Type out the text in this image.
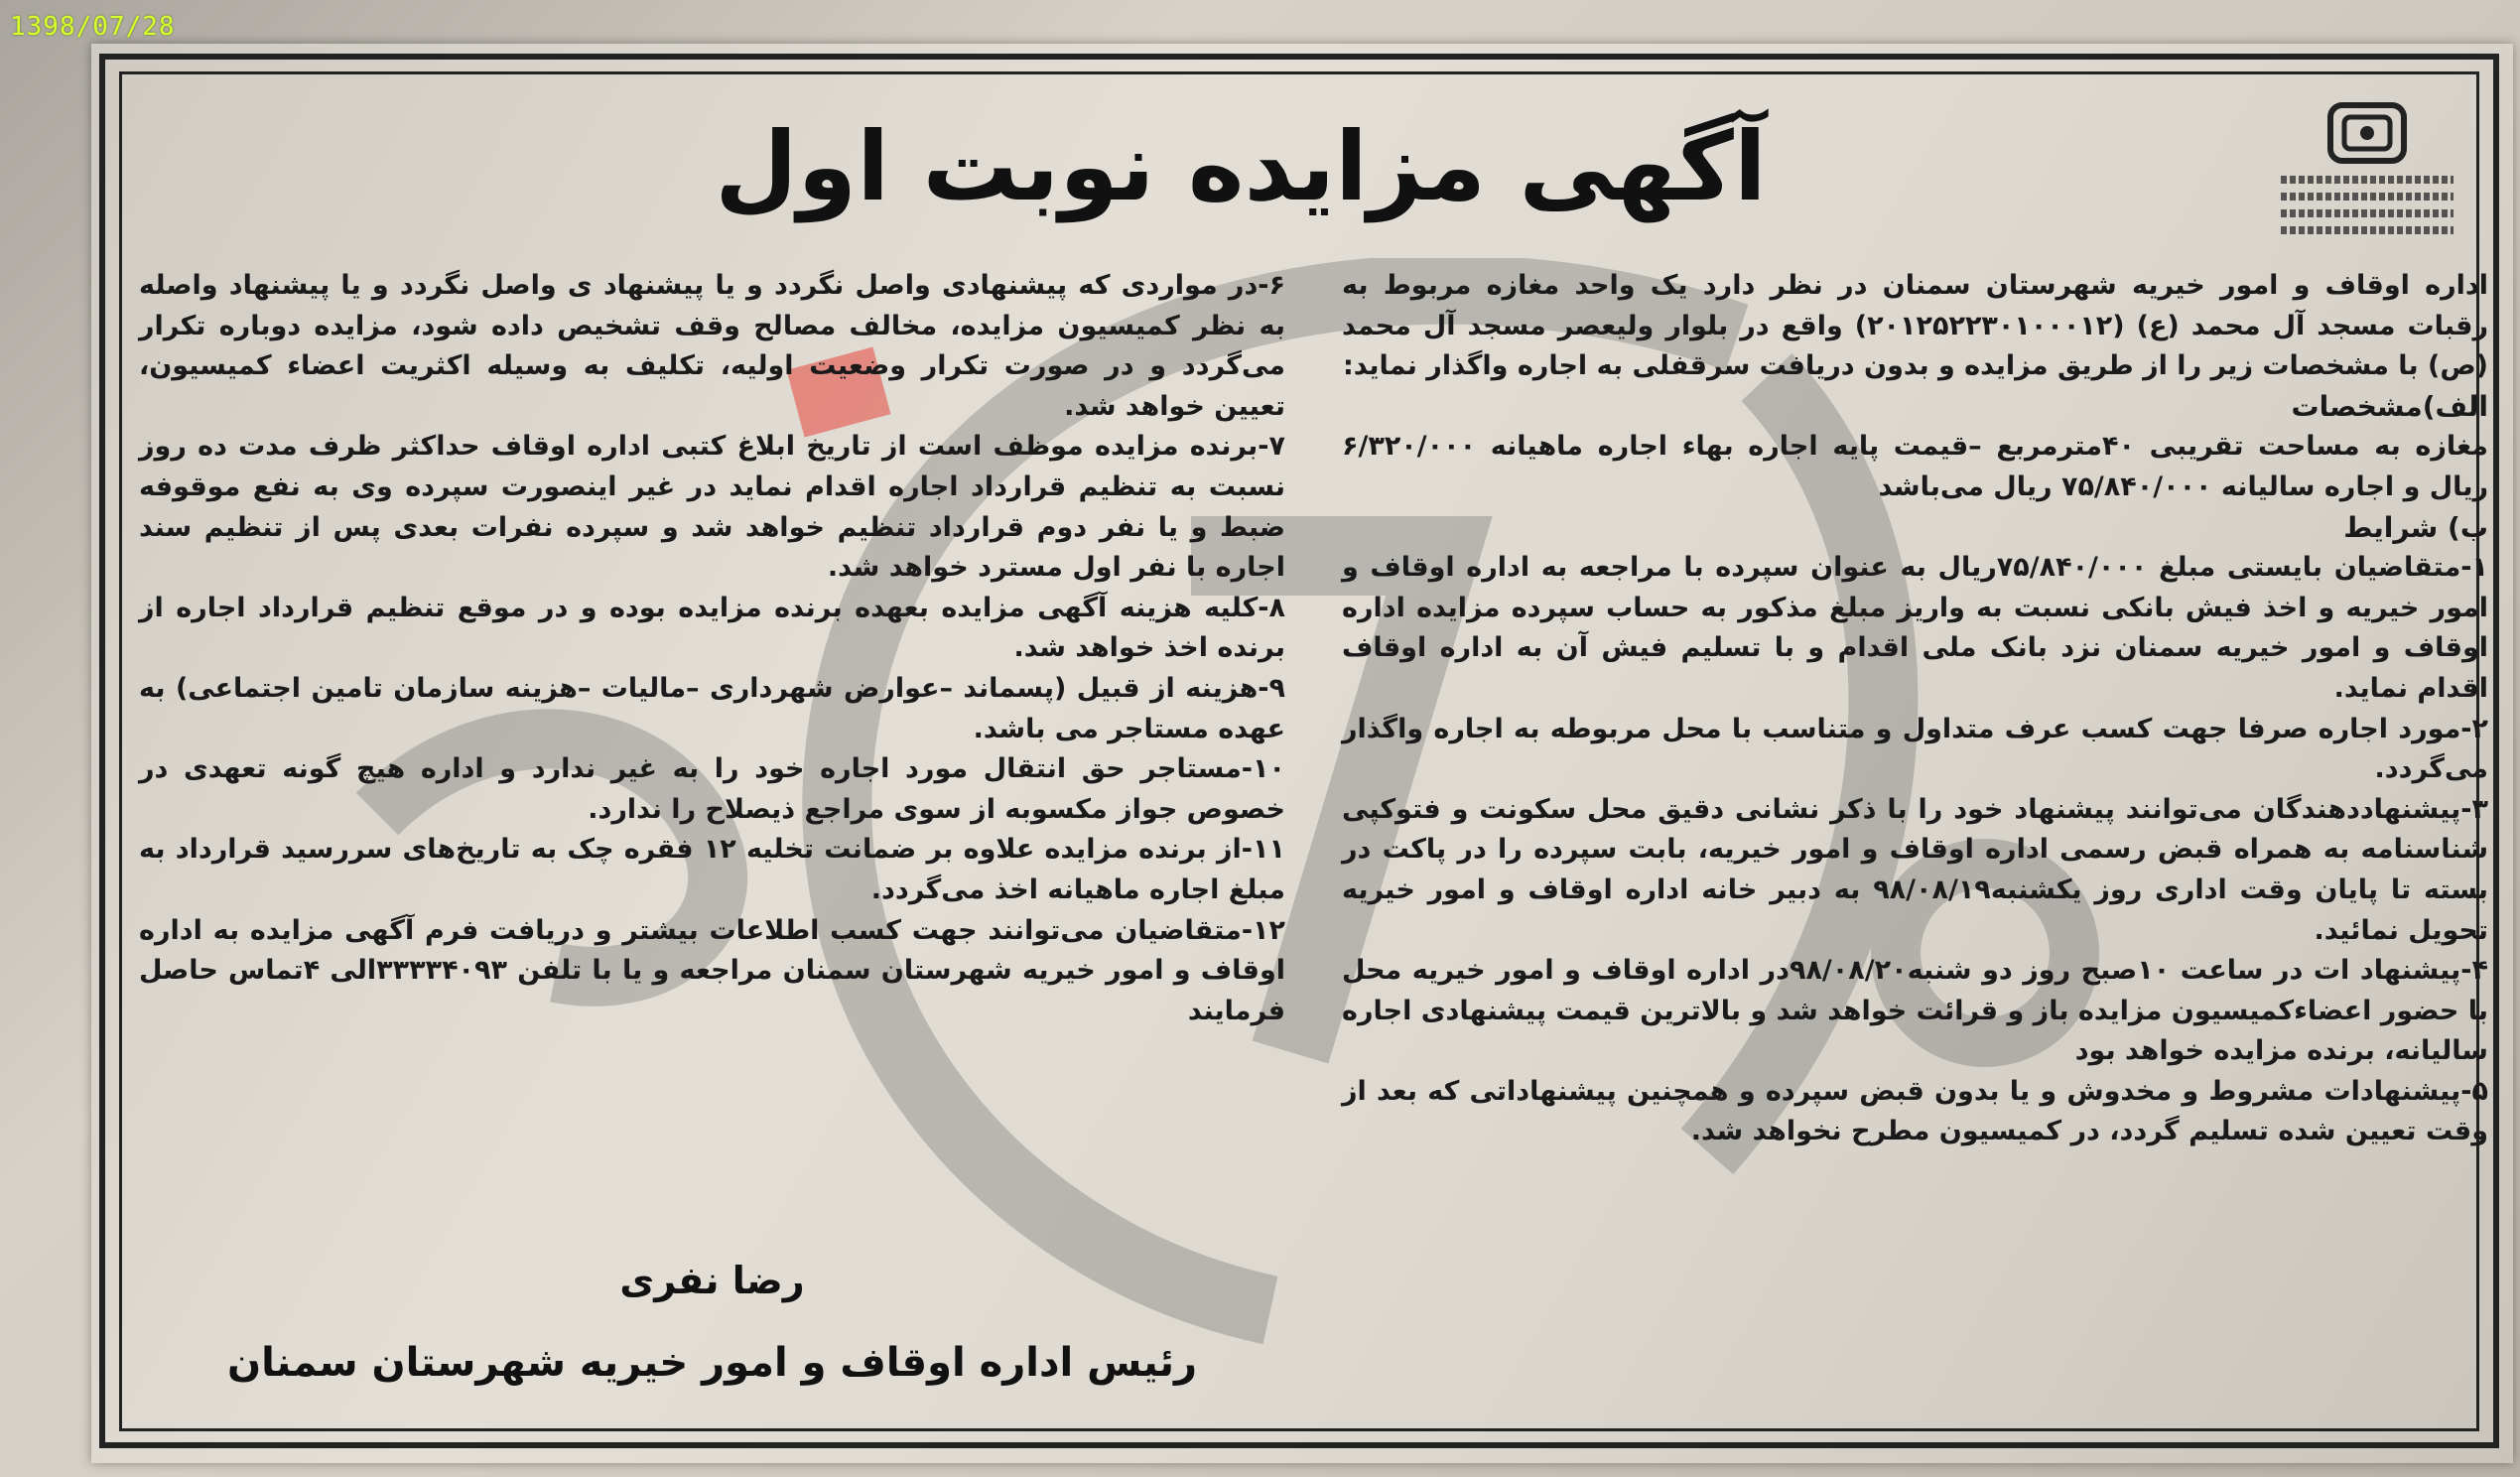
1398/07/28
آگهی مزایده نوبت اول

اداره اوقاف و امور خیریه شهرستان سمنان در نظر دارد یک واحد مغازه مربوط به رقبات مسجد آل محمد (ع) (۲۰۱۲۵۲۲۳۰۱۰۰۰۱۲) واقع در بلوار ولیعصر مسجد آل محمد (ص) با مشخصات زیر را از طریق مزایده و بدون دریافت سرقفلی به اجاره واگذار نماید:

الف)مشخصات

مغازه به مساحت تقریبی ۴۰مترمربع –قیمت پایه اجاره بهاء اجاره ماهیانه ۶/۳۲۰/۰۰۰ ریال و اجاره سالیانه ۷۵/۸۴۰/۰۰۰ ریال می‌باشد

ب) شرایط

۱-متقاضیان بایستی مبلغ ۷۵/۸۴۰/۰۰۰ریال به عنوان سپرده با مراجعه به اداره اوقاف و امور خیریه و اخذ فیش بانکی نسبت به واریز مبلغ مذکور به حساب سپرده مزایده اداره اوقاف و امور خیریه سمنان نزد بانک ملی اقدام و با تسلیم فیش آن به اداره اوقاف اقدام نماید.

۲-مورد اجاره صرفا جهت کسب عرف متداول و متناسب با محل مربوطه به اجاره واگذار می‌گردد.

۳-پیشنهاددهندگان می‌توانند پیشنهاد خود را با ذکر نشانی دقیق محل سکونت و فتوکپی شناسنامه به همراه قبض رسمی اداره اوقاف و امور خیریه، بابت سپرده را در پاکت در بسته تا پایان وقت اداری روز یکشنبه۹۸/۰۸/۱۹ به دبیر خانه اداره اوقاف و امور خیریه تحویل نمائید.

۴-پیشنهاد ات در ساعت ۱۰صبح روز دو شنبه۹۸/۰۸/۲۰در اداره اوقاف و امور خیریه محل با حضور اعضاءکمیسیون مزایده باز و قرائت خواهد شد و بالاترین قیمت پیشنهادی اجاره سالیانه، برنده مزایده خواهد بود

۵-پیشنهادات مشروط و مخدوش و یا بدون قبض سپرده و همچنین پیشنهاداتی که بعد از وقت تعیین شده تسلیم گردد، در کمیسیون مطرح نخواهد شد.

۶-در مواردی که پیشنهادی واصل نگردد و یا پیشنهاد ی واصل نگردد و یا پیشنهاد واصله به نظر کمیسیون مزایده، مخالف مصالح وقف تشخیص داده شود، مزایده دوباره تکرار می‌گردد و در صورت تکرار وضعیت اولیه، تکلیف به وسیله اکثریت اعضاء کمیسیون، تعیین خواهد شد.

۷-برنده مزایده موظف است از تاریخ ابلاغ کتبی اداره اوقاف حداکثر ظرف مدت ده روز نسبت به تنظیم قرارداد اجاره اقدام نماید در غیر اینصورت سپرده وی به نفع موقوفه ضبط و یا نفر دوم قرارداد تنظیم خواهد شد و سپرده نفرات بعدی پس از تنظیم سند اجاره با نفر اول مسترد خواهد شد.

۸-کلیه هزینه آگهی مزایده بعهده برنده مزایده بوده و در موقع تنظیم قرارداد اجاره از برنده اخذ خواهد شد.

۹-هزینه از قبیل (پسماند –عوارض شهرداری –مالیات –هزینه سازمان تامین اجتماعی) به عهده مستاجر می باشد.

۱۰-مستاجر حق انتقال مورد اجاره خود را به غیر ندارد و اداره هیچ گونه تعهدی در خصوص جواز مکسوبه از سوی مراجع ذیصلاح را ندارد.

۱۱-از برنده مزایده علاوه بر ضمانت تخلیه ۱۲ فقره چک به تاریخ‌های سررسید قرارداد به مبلغ اجاره ماهیانه اخذ می‌گردد.

۱۲-متقاضیان می‌توانند جهت کسب اطلاعات بیشتر و دریافت فرم آگهی مزایده به اداره اوقاف و امور خیریه شهرستان سمنان مراجعه و یا با تلفن ۳۳۳۳۴۰۹۳الی ۴تماس حاصل فرمایند

رضا نفری
رئیس اداره اوقاف و امور خیریه شهرستان سمنان
